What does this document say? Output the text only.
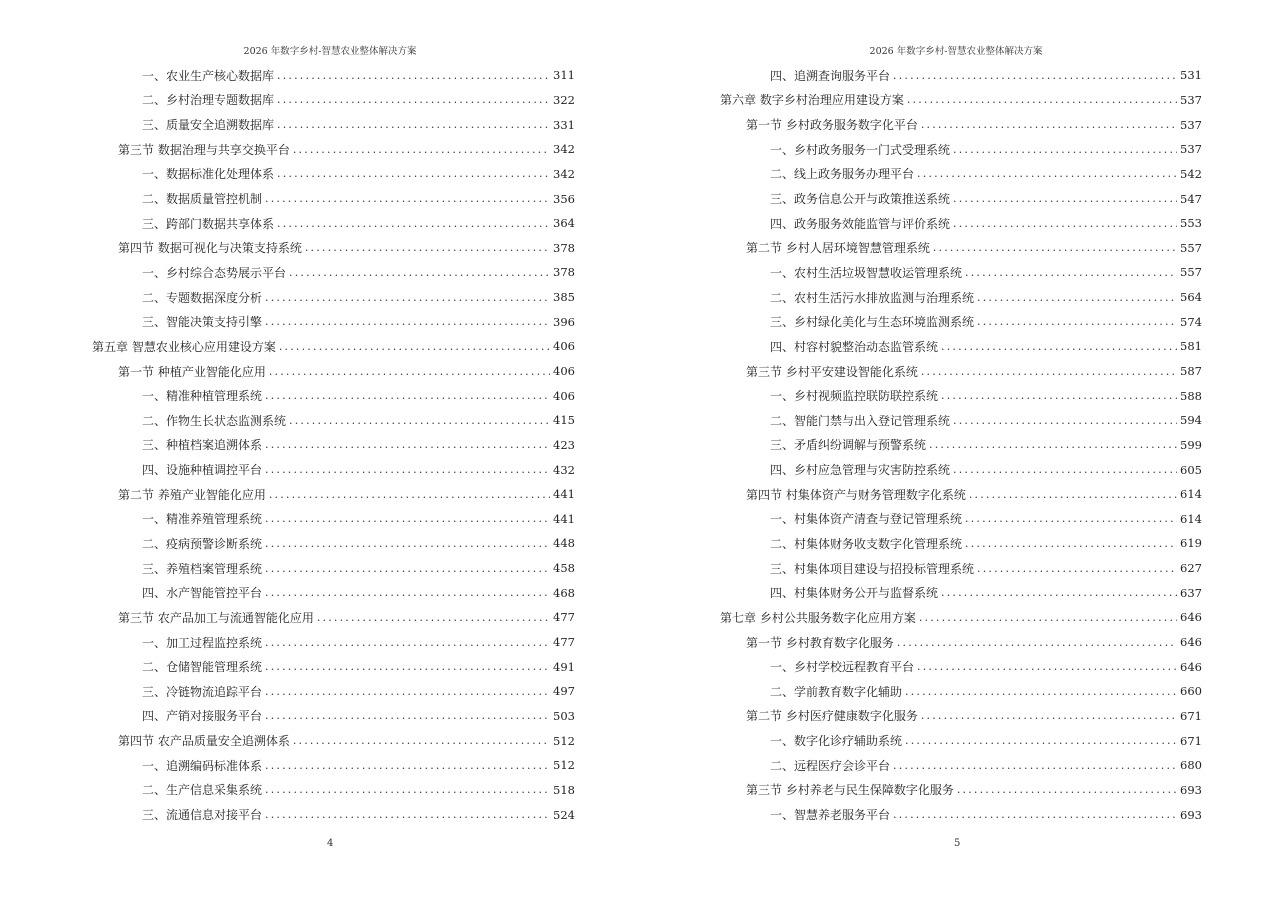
2026 年数字乡村-智慧农业整体解决方案
一、农业生产核心数据库 .....	311
二、乡村治理专题数据库 .....	322
三、质量安全追溯数据库 .....	331
第三节 数据治理与共享交换平台 .....	342
一、数据标准化处理体系 .....	342
二、数据质量管控机制 .....	356
三、跨部门数据共享体系 .....	364
第四节 数据可视化与决策支持系统 .....	378
一、乡村综合态势展示平台 .....	378
二、专题数据深度分析 .....	385
三、智能决策支持引擎 .....	396
第五章 智慧农业核心应用建设方案 .....	406
第一节 种植产业智能化应用 .....	406
一、精准种植管理系统 .....	406
二、作物生长状态监测系统 .....	415
三、种植档案追溯体系 .....	423
四、设施种植调控平台 .....	432
第二节 养殖产业智能化应用 .....	441
一、精准养殖管理系统 .....	441
二、疫病预警诊断系统 .....	448
三、养殖档案管理系统 .....	458
四、水产智能管控平台 .....	468
第三节 农产品加工与流通智能化应用 .....	477
一、加工过程监控系统 .....	477
二、仓储智能管理系统 .....	491
三、冷链物流追踪平台 .....	497
四、产销对接服务平台 .....	503
第四节 农产品质量安全追溯体系 .....	512
一、追溯编码标准体系 .....	512
二、生产信息采集系统 .....	518
三、流通信息对接平台 .....	524
4
2026 年数字乡村-智慧农业整体解决方案
四、追溯查询服务平台 .....	531
第六章 数字乡村治理应用建设方案 .....	537
第一节 乡村政务服务数字化平台 .....	537
一、乡村政务服务一门式受理系统 .....	537
二、线上政务服务办理平台 .....	542
三、政务信息公开与政策推送系统 .....	547
四、政务服务效能监管与评价系统 .....	553
第二节 乡村人居环境智慧管理系统 .....	557
一、农村生活垃圾智慧收运管理系统 .....	557
二、农村生活污水排放监测与治理系统 .....	564
三、乡村绿化美化与生态环境监测系统 .....	574
四、村容村貌整治动态监管系统 .....	581
第三节 乡村平安建设智能化系统 .....	587
一、乡村视频监控联防联控系统 .....	588
二、智能门禁与出入登记管理系统 .....	594
三、矛盾纠纷调解与预警系统 .....	599
四、乡村应急管理与灾害防控系统 .....	605
第四节 村集体资产与财务管理数字化系统 .....	614
一、村集体资产清查与登记管理系统 .....	614
二、村集体财务收支数字化管理系统 .....	619
三、村集体项目建设与招投标管理系统 .....	627
四、村集体财务公开与监督系统 .....	637
第七章 乡村公共服务数字化应用方案 .....	646
第一节 乡村教育数字化服务 .....	646
一、乡村学校远程教育平台 .....	646
二、学前教育数字化辅助 .....	660
第二节 乡村医疗健康数字化服务 .....	671
一、数字化诊疗辅助系统 .....	671
二、远程医疗会诊平台 .....	680
第三节 乡村养老与民生保障数字化服务 .....	693
一、智慧养老服务平台 .....	693
5
